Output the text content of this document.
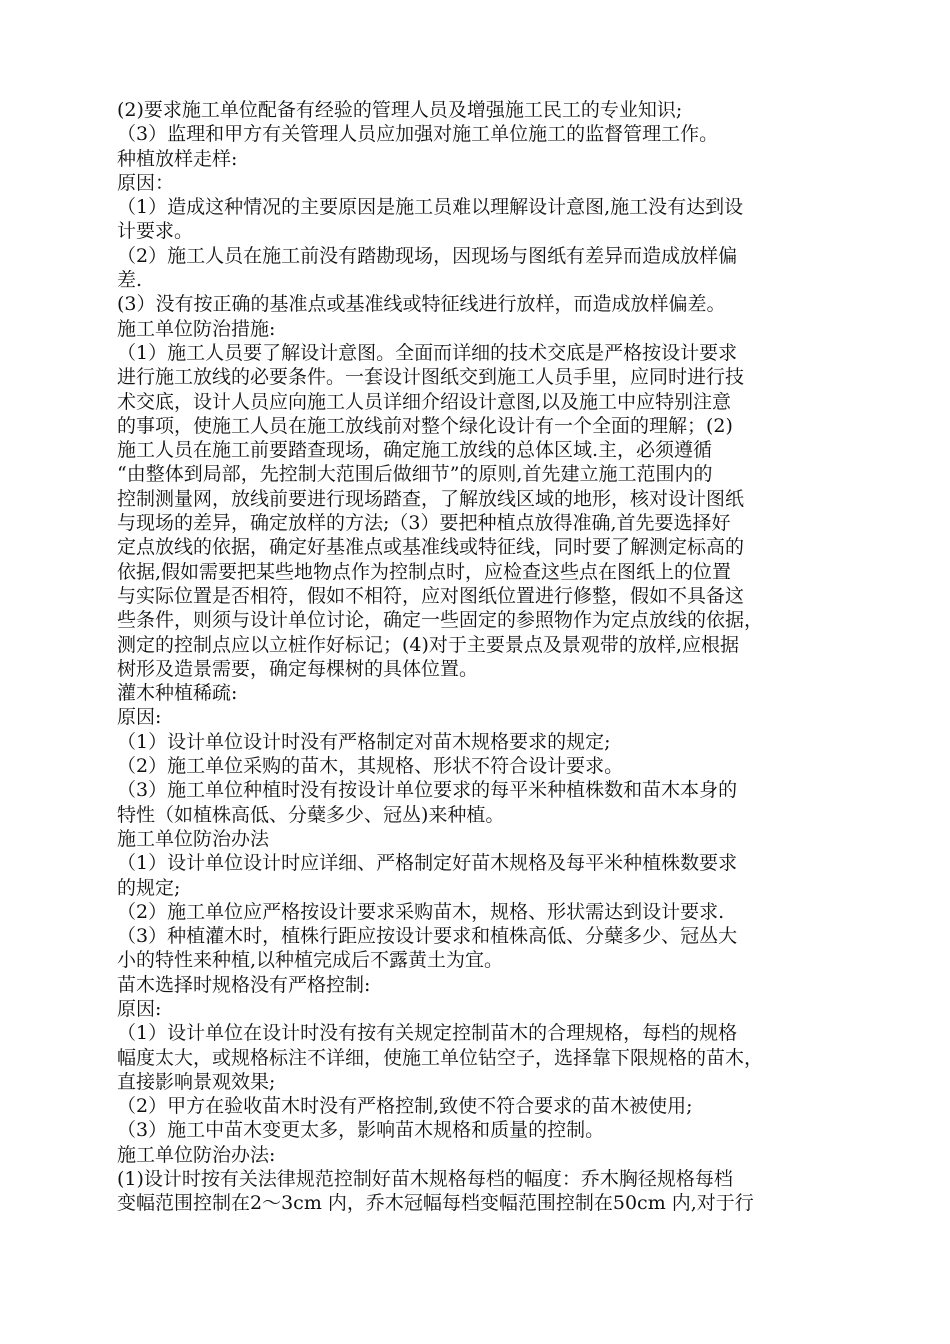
(2)要求施工单位配备有经验的管理人员及增强施工民工的专业知识;
（3）监理和甲方有关管理人员应加强对施工单位施工的监督管理工作。
种植放样走样:
原因：
（1）造成这种情况的主要原因是施工员难以理解设计意图,施工没有达到设
计要求。
（2）施工人员在施工前没有踏勘现场，因现场与图纸有差异而造成放样偏
差.
(3）没有按正确的基准点或基准线或特征线进行放样，而造成放样偏差。
施工单位防治措施:
（1）施工人员要了解设计意图。全面而详细的技术交底是严格按设计要求
进行施工放线的必要条件。一套设计图纸交到施工人员手里，应同时进行技
术交底，设计人员应向施工人员详细介绍设计意图,以及施工中应特别注意
的事项，使施工人员在施工放线前对整个绿化设计有一个全面的理解；(2)
施工人员在施工前要踏查现场，确定施工放线的总体区域.主，必须遵循
“由整体到局部，先控制大范围后做细节”的原则,首先建立施工范围内的
控制测量网，放线前要进行现场踏查，了解放线区域的地形，核对设计图纸
与现场的差异，确定放样的方法;（3）要把种植点放得准确,首先要选择好
定点放线的依据，确定好基准点或基准线或特征线，同时要了解测定标高的
依据,假如需要把某些地物点作为控制点时，应检查这些点在图纸上的位置
与实际位置是否相符，假如不相符，应对图纸位置进行修整，假如不具备这
些条件，则须与设计单位讨论，确定一些固定的参照物作为定点放线的依据，
测定的控制点应以立桩作好标记；(4)对于主要景点及景观带的放样,应根据
树形及造景需要，确定每棵树的具体位置。
灌木种植稀疏:
原因:
（1）设计单位设计时没有严格制定对苗木规格要求的规定;
（2）施工单位采购的苗木，其规格、形状不符合设计要求。
（3）施工单位种植时没有按设计单位要求的每平米种植株数和苗木本身的
特性（如植株高低、分蘖多少、冠丛)来种植。
施工单位防治办法
（1）设计单位设计时应详细、严格制定好苗木规格及每平米种植株数要求
的规定;
（2）施工单位应严格按设计要求采购苗木，规格、形状需达到设计要求.
（3）种植灌木时，植株行距应按设计要求和植株高低、分蘖多少、冠丛大
小的特性来种植,以种植完成后不露黄土为宜。
苗木选择时规格没有严格控制:
原因:
（1）设计单位在设计时没有按有关规定控制苗木的合理规格，每档的规格
幅度太大，或规格标注不详细，使施工单位钻空子，选择靠下限规格的苗木，
直接影响景观效果;
（2）甲方在验收苗木时没有严格控制,致使不符合要求的苗木被使用;
（3）施工中苗木变更太多，影响苗木规格和质量的控制。
施工单位防治办法:
(1)设计时按有关法律规范控制好苗木规格每档的幅度：乔木胸径规格每档
变幅范围控制在2～3cm 内，乔木冠幅每档变幅范围控制在50cm 内,对于行
